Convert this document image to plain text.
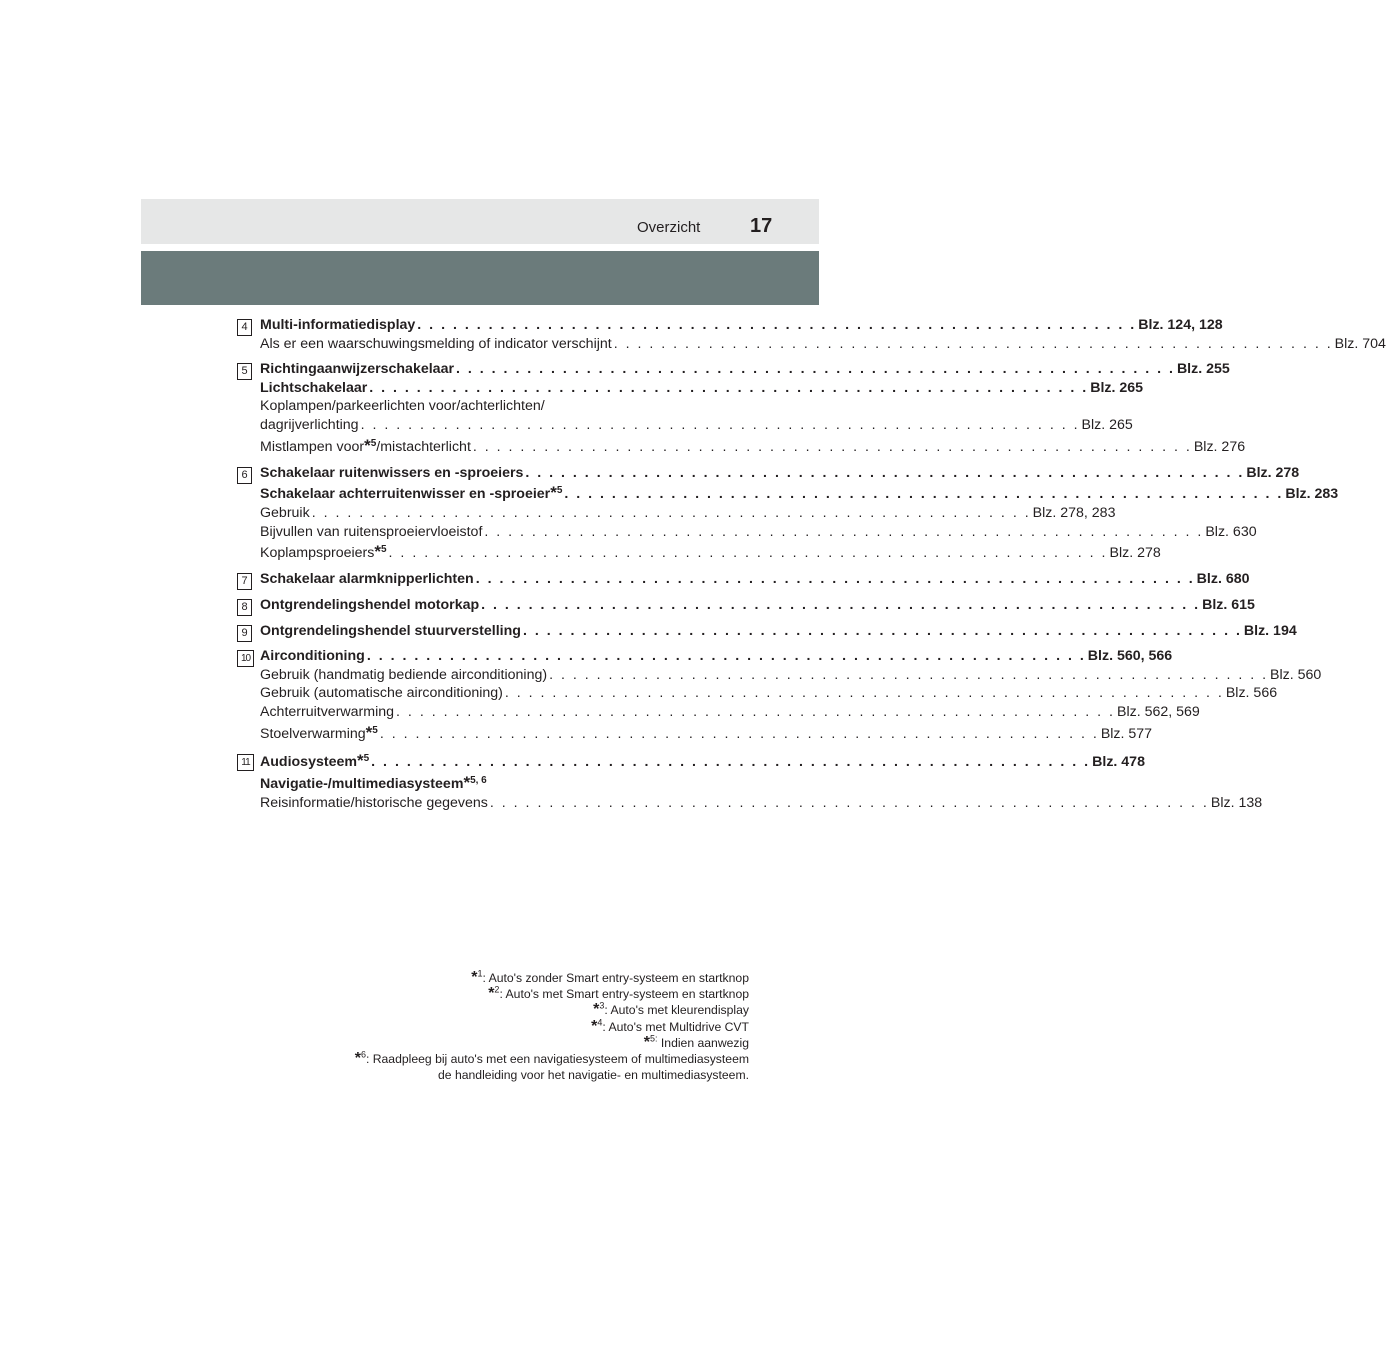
Overzicht 17
4 Multi-informatiedisplay . . . . . . . . . . . . . . . . . . . . . . . . . . . . . . . . . . . . . . . . . . . . . . . . . . . . . . . . . . . . . Blz. 124, 128
Als er een waarschuwingsmelding of indicator verschijnt . . . . . . . . . . . . . . . . . . . . . . . . . . . . . . . . . . . . . . . . . . . . . . . . . . . . . . . . . . . . . Blz. 704
5 Richtingaanwijzerschakelaar . . . . . . . . . . . . . . . . . . . . . . . . . . . . . . . . . . . . . . . . . . . . . . . . . . . . . . . . . . . . . Blz. 255
Lichtschakelaar . . . . . . . . . . . . . . . . . . . . . . . . . . . . . . . . . . . . . . . . . . . . . . . . . . . . . . . . . . . . . Blz. 265
Koplampen/parkeerlichten voor/achterlichten/
dagrijverlichting . . . . . . . . . . . . . . . . . . . . . . . . . . . . . . . . . . . . . . . . . . . . . . . . . . . . . . . . . . . . . Blz. 265
Mistlampen voor*$^5$/mistachterlicht . . . . . . . . . . . . . . . . . . . . . . . . . . . . . . . . . . . . . . . . . . . . . . . . . . . . . . . . . . . . . Blz. 276
6 Schakelaar ruitenwissers en -sproeiers . . . . . . . . . . . . . . . . . . . . . . . . . . . . . . . . . . . . . . . . . . . . . . . . . . . . . . . . . . . . . Blz. 278
Schakelaar achterruitenwisser en -sproeier*$^5$ . . . . . . . . . . . . . . . . . . . . . . . . . . . . . . . . . . . . . . . . . . . . . . . . . . . . . . . . . . . . . Blz. 283
Gebruik . . . . . . . . . . . . . . . . . . . . . . . . . . . . . . . . . . . . . . . . . . . . . . . . . . . . . . . . . . . . . Blz. 278, 283
Bijvullen van ruitensproeiervloeistof . . . . . . . . . . . . . . . . . . . . . . . . . . . . . . . . . . . . . . . . . . . . . . . . . . . . . . . . . . . . . Blz. 630
Koplampsproeiers*$^5$ . . . . . . . . . . . . . . . . . . . . . . . . . . . . . . . . . . . . . . . . . . . . . . . . . . . . . . . . . . . . . Blz. 278
7 Schakelaar alarmknipperlichten . . . . . . . . . . . . . . . . . . . . . . . . . . . . . . . . . . . . . . . . . . . . . . . . . . . . . . . . . . . . . Blz. 680
8 Ontgrendelingshendel motorkap . . . . . . . . . . . . . . . . . . . . . . . . . . . . . . . . . . . . . . . . . . . . . . . . . . . . . . . . . . . . . Blz. 615
9 Ontgrendelingshendel stuurverstelling . . . . . . . . . . . . . . . . . . . . . . . . . . . . . . . . . . . . . . . . . . . . . . . . . . . . . . . . . . . . . Blz. 194
10 Airconditioning . . . . . . . . . . . . . . . . . . . . . . . . . . . . . . . . . . . . . . . . . . . . . . . . . . . . . . . . . . . . . Blz. 560, 566
Gebruik (handmatig bediende airconditioning) . . . . . . . . . . . . . . . . . . . . . . . . . . . . . . . . . . . . . . . . . . . . . . . . . . . . . . . . . . . . . Blz. 560
Gebruik (automatische airconditioning) . . . . . . . . . . . . . . . . . . . . . . . . . . . . . . . . . . . . . . . . . . . . . . . . . . . . . . . . . . . . . Blz. 566
Achterruitverwarming . . . . . . . . . . . . . . . . . . . . . . . . . . . . . . . . . . . . . . . . . . . . . . . . . . . . . . . . . . . . . Blz. 562, 569
Stoelverwarming*$^5$ . . . . . . . . . . . . . . . . . . . . . . . . . . . . . . . . . . . . . . . . . . . . . . . . . . . . . . . . . . . . . Blz. 577
11 Audiosysteem*$^5$ . . . . . . . . . . . . . . . . . . . . . . . . . . . . . . . . . . . . . . . . . . . . . . . . . . . . . . . . . . . . . Blz. 478
Navigatie-/multimediasysteem*$^{5, 6}$
Reisinformatie/historische gegevens . . . . . . . . . . . . . . . . . . . . . . . . . . . . . . . . . . . . . . . . . . . . . . . . . . . . . . . . . . . . . Blz. 138
*$^1$: Auto's zonder Smart entry-systeem en startknop
*$^2$: Auto's met Smart entry-systeem en startknop
*$^3$: Auto's met kleurendisplay
*$^4$: Auto's met Multidrive CVT
*$^{5:}$ Indien aanwezig
*$^6$: Raadpleeg bij auto's met een navigatiesysteem of multimediasysteem
de handleiding voor het navigatie- en multimediasysteem.
